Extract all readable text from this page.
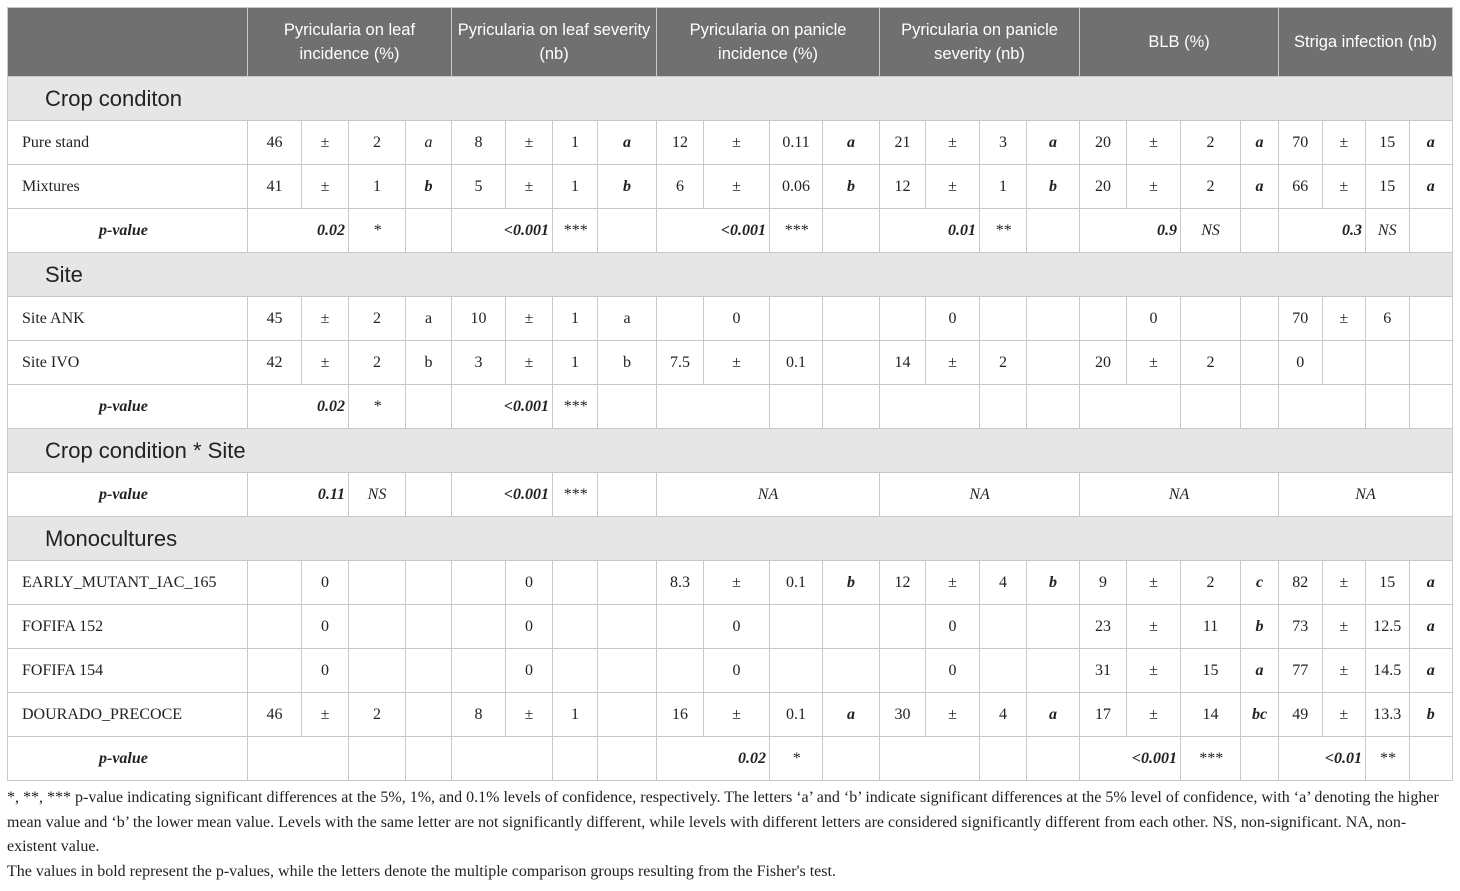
	Pyricularia on leaf incidence (%)				Pyricularia on leaf severity (nb)				Pyricularia on panicle incidence (%)				Pyricularia on panicle severity (nb)				BLB (%)				Striga infection (nb)			
Crop conditon																								
Pure stand	46	±	2	a	8	±	1	a	12	±	0.11	a	21	±	3	a	20	±	2	a	70	±	15	a
Mixtures	41	±	1	b	5	±	1	b	6	±	0.06	b	12	±	1	b	20	±	2	a	66	±	15	a
p-value	0.02		*		<0.001		***		<0.001		***		0.01		**		0.9		NS		0.3		NS	
Site																								
Site ANK	45	±	2	a	10	±	1	a		0				0				0			70	±	6	
Site IVO	42	±	2	b	3	±	1	b	7.5	±	0.1		14	±	2		20	±	2		0			
p-value	0.02		*		<0.001		***																	
Crop condition * Site																								
p-value	0.11		NS		<0.001		***		NA				NA				NA				NA			
Monocultures																								
EARLY_MUTANT_IAC_165		0				0			8.3	±	0.1	b	12	±	4	b	9	±	2	c	82	±	15	a
FOFIFA 152		0				0				0				0			23	±	11	b	73	±	12.5	a
FOFIFA 154		0				0				0				0			31	±	15	a	77	±	14.5	a
DOURADO_PRECOCE	46	±	2		8	±	1		16	±	0.1	a	30	±	4	a	17	±	14	bc	49	±	13.3	b
p-value									0.02		*						<0.001		***		<0.01		**	

*, **, *** p-value indicating significant differences at the 5%, 1%, and 0.1% levels of confidence, respectively. The letters ‘a’ and ‘b’ indicate significant differences at the 5% level of confidence, with ‘a’ denoting the higher mean value and ‘b’ the lower mean value. Levels with the same letter are not significantly different, while levels with different letters are considered significantly different from each other. NS, non-significant. NA, non-existent value.

The values in bold represent the p-values, while the letters denote the multiple comparison groups resulting from the Fisher's test.
